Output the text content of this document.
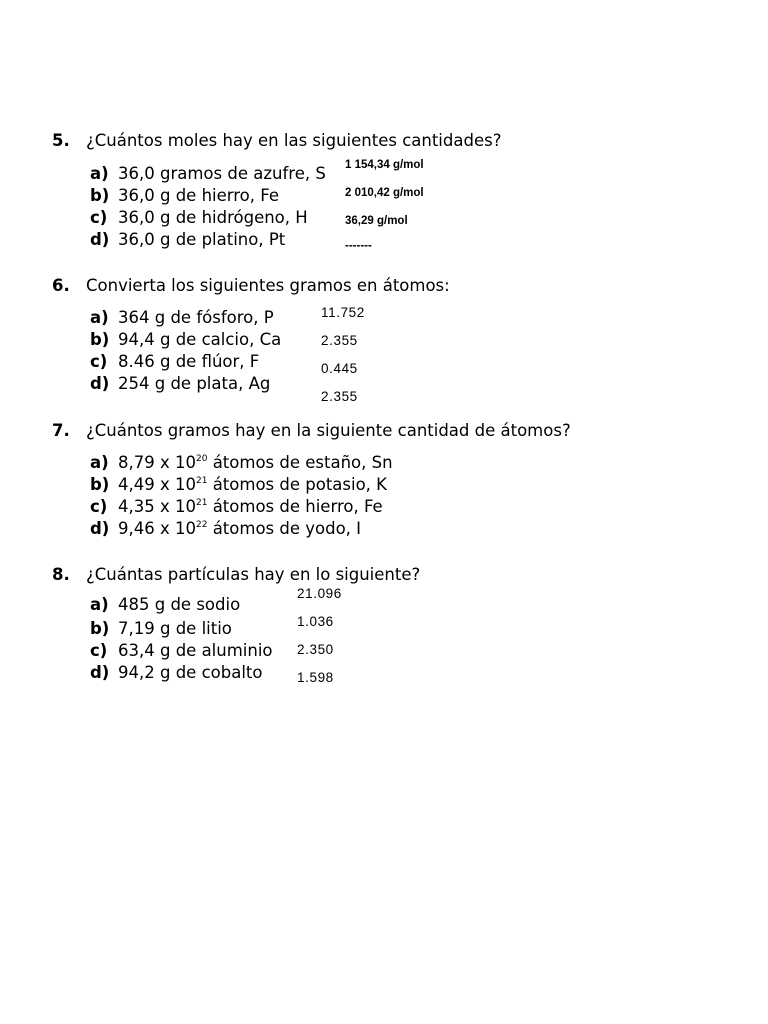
5. ¿Cuántos moles hay en las siguientes cantidades?
a) 36,0 gramos de azufre, S
b) 36,0 g de hierro, Fe
c) 36,0 g de hidrógeno, H
d) 36,0 g de platino, Pt
1 154,34 g/mol
2 010,42 g/mol
36,29 g/mol
-------
6. Convierta los siguientes gramos en átomos:
a) 364 g de fósforo, P
b) 94,4 g de calcio, Ca
c) 8.46 g de flúor, F
d) 254 g de plata, Ag
11.752
2.355
0.445
2.355
7. ¿Cuántos gramos hay en la siguiente cantidad de átomos?
a) 8,79 x $10^{20}$ átomos de estaño, Sn
b) 4,49 x $10^{21}$ átomos de potasio, K
c) 4,35 x $10^{21}$ átomos de hierro, Fe
d) 9,46 x $10^{22}$ átomos de yodo, I
8. ¿Cuántas partículas hay en lo siguiente?
a) 485 g de sodio
b) 7,19 g de litio
c) 63,4 g de aluminio
d) 94,2 g de cobalto
21.096
1.036
2.350
1.598
